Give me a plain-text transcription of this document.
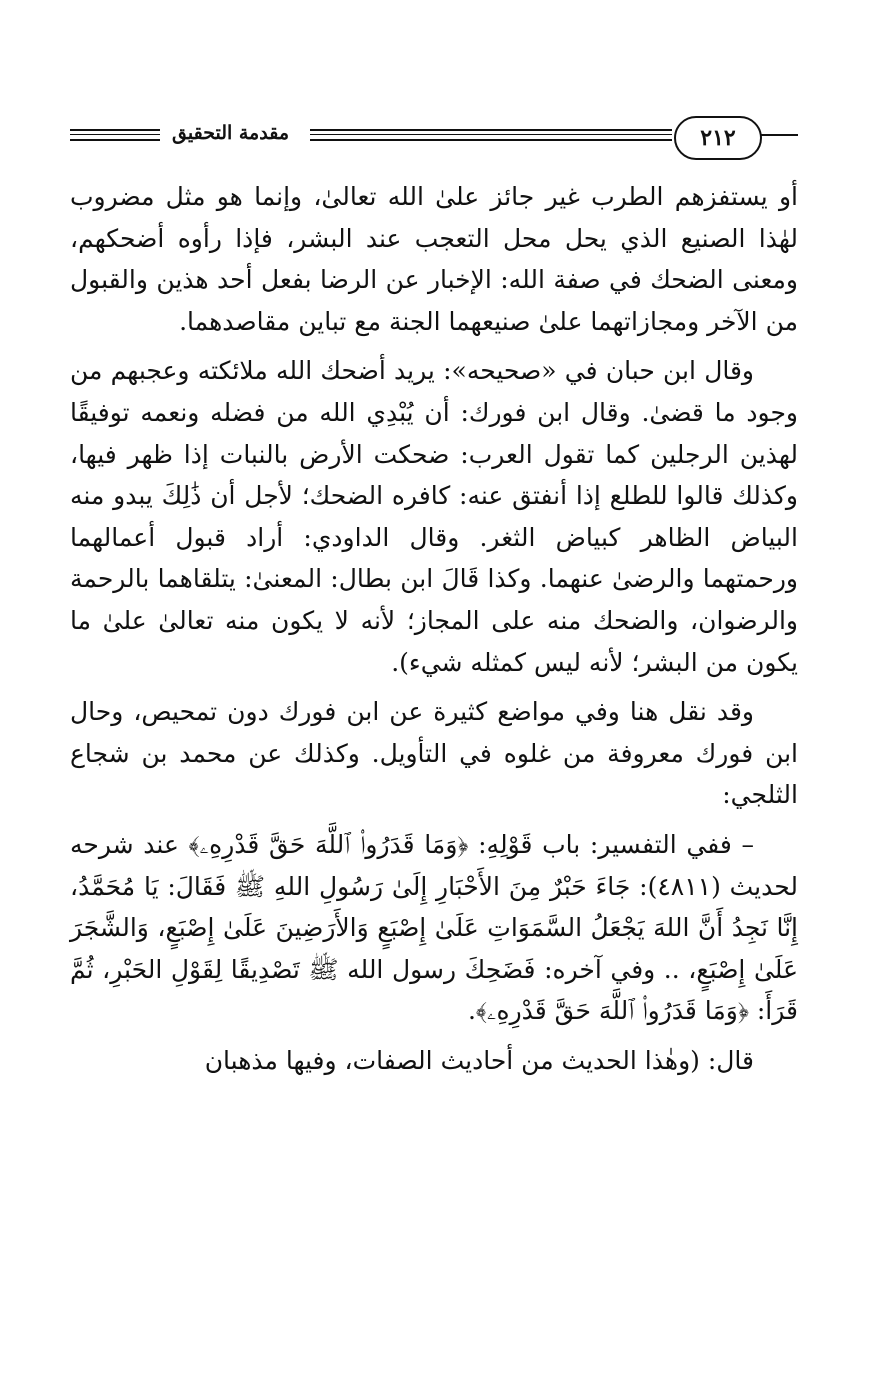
٢١٢
مقدمة التحقيق

أو يستفزهم الطرب غير جائز علىٰ الله تعالىٰ، وإنما هو مثل مضروب لهٰذا الصنيع الذي يحل محل التعجب عند البشر، فإذا رأوه أضحكهم، ومعنى الضحك في صفة الله: الإخبار عن الرضا بفعل أحد هذين والقبول من الآخر ومجازاتهما علىٰ صنيعهما الجنة مع تباين مقاصدهما.

وقال ابن حبان في «صحيحه»: يريد أضحك الله ملائكته وعجبهم من وجود ما قضىٰ. وقال ابن فورك: أن يُبْدِي الله من فضله ونعمه توفيقًا لهذين الرجلين كما تقول العرب: ضحكت الأرض بالنبات إذا ظهر فيها، وكذلك قالوا للطلع إذا أنفتق عنه: كافره الضحك؛ لأجل أن ذَٰلِكَ يبدو منه البياض الظاهر كبياض الثغر. وقال الداودي: أراد قبول أعمالهما ورحمتهما والرضىٰ عنهما. وكذا قَالَ ابن بطال: المعنىٰ: يتلقاهما بالرحمة والرضوان، والضحك منه على المجاز؛ لأنه لا يكون منه تعالىٰ علىٰ ما يكون من البشر؛ لأنه ليس كمثله شيء).

وقد نقل هنا وفي مواضع كثيرة عن ابن فورك دون تمحيص، وحال ابن فورك معروفة من غلوه في التأويل. وكذلك عن محمد بن شجاع الثلجي:

– ففي التفسير: باب قَوْلِهِ: ﴿وَمَا قَدَرُوا۟ ٱللَّهَ حَقَّ قَدْرِهِۦ﴾ عند شرحه لحديث (٤٨١١): جَاءَ حَبْرٌ مِنَ الأَحْبَارِ إِلَىٰ رَسُولِ اللهِ ﷺ فَقَالَ: يَا مُحَمَّدُ، إِنَّا نَجِدُ أَنَّ اللهَ يَجْعَلُ السَّمَوَاتِ عَلَىٰ إِصْبَعٍ وَالأَرَضِينَ عَلَىٰ إِصْبَعٍ، وَالشَّجَرَ عَلَىٰ إِصْبَعٍ، .. وفي آخره: فَضَحِكَ رسول الله ﷺ تَصْدِيقًا لِقَوْلِ الحَبْرِ، ثُمَّ قَرَأَ: ﴿وَمَا قَدَرُوا۟ ٱللَّهَ حَقَّ قَدْرِهِۦ﴾.

قال: (وهٰذا الحديث من أحاديث الصفات، وفيها مذهبان
